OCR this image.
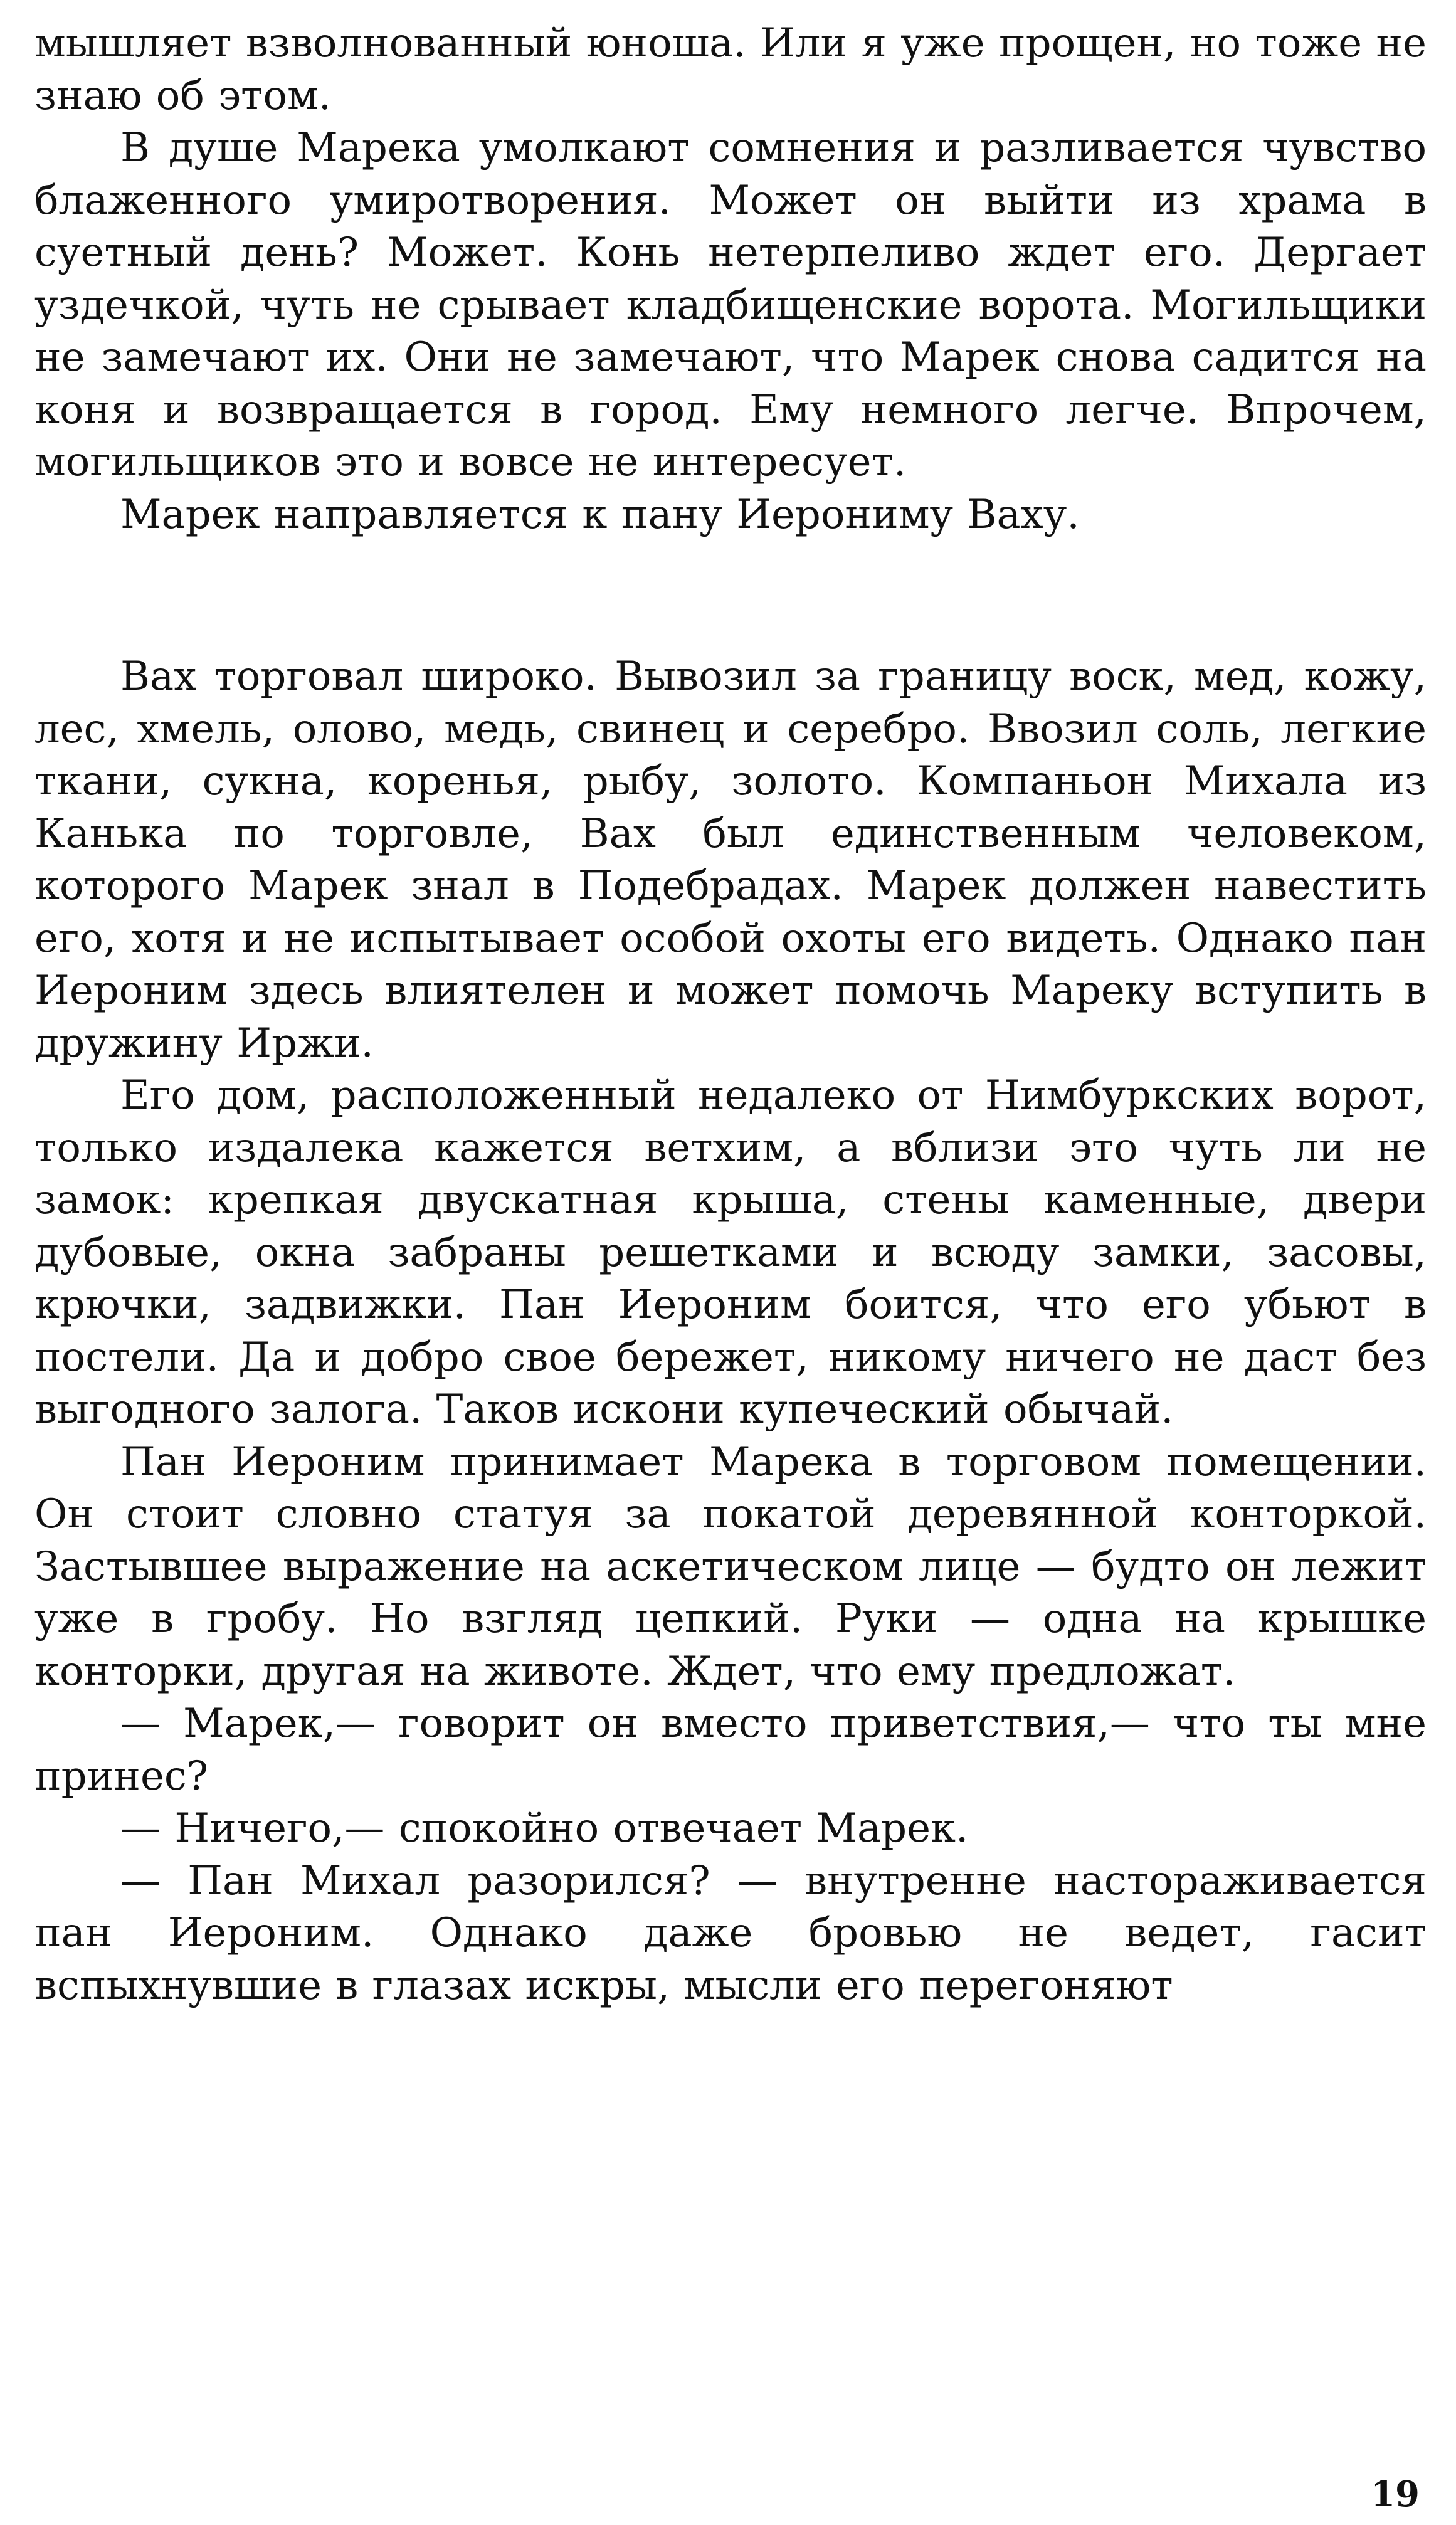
мышляет взволнованный юноша. Или я уже прощен, но тоже не знаю об этом.

В душе Марека умолкают сомнения и разливается чувство блаженного умиротворения. Может он выйти из храма в суетный день? Может. Конь нетерпеливо ждет его. Дергает уздечкой, чуть не срывает кладбищенские ворота. Могильщики не замечают их. Они не замечают, что Марек снова садится на коня и возвращается в город. Ему немного легче. Впрочем, могильщиков это и вовсе не интересует.

Марек направляется к пану Иерониму Ваху.

Вах торговал широко. Вывозил за границу воск, мед, кожу, лес, хмель, олово, медь, свинец и серебро. Ввозил соль, легкие ткани, сукна, коренья, рыбу, золото. Компаньон Михала из Канька по торговле, Вах был единственным человеком, которого Марек знал в Подебрадах. Марек должен навестить его, хотя и не испытывает особой охоты его видеть. Однако пан Иероним здесь влиятелен и может помочь Мареку вступить в дружину Иржи.

Его дом, расположенный недалеко от Нимбуркских ворот, только издалека кажется ветхим, а вблизи это чуть ли не замок: крепкая двускатная крыша, стены каменные, двери дубовые, окна забраны решетками и всюду замки, засовы, крючки, задвижки. Пан Иероним боится, что его убьют в постели. Да и добро свое бережет, никому ничего не даст без выгодного залога. Таков искони купеческий обычай.

Пан Иероним принимает Марека в торговом помещении. Он стоит словно статуя за покатой деревянной конторкой. Застывшее выражение на аскетическом лице — будто он лежит уже в гробу. Но взгляд цепкий. Руки — одна на крышке конторки, другая на животе. Ждет, что ему предложат.

— Марек,— говорит он вместо приветствия,— что ты мне принес?

— Ничего,— спокойно отвечает Марек.

— Пан Михал разорился? — внутренне настораживается пан Иероним. Однако даже бровью не ведет, гасит вспыхнувшие в глазах искры, мысли его перегоняют

19
